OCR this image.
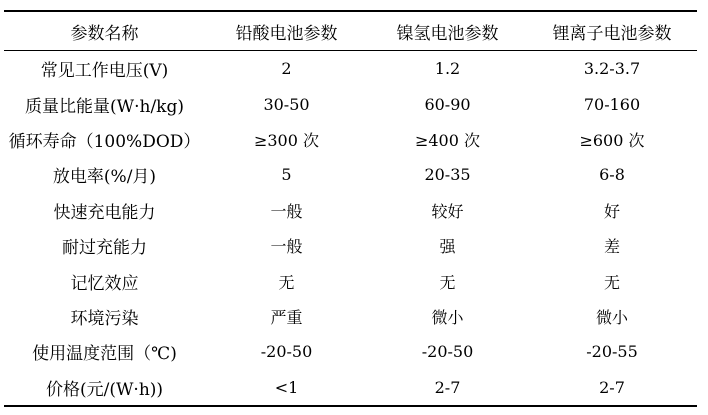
参数名称	铅酸电池参数	镍氢电池参数	锂离子电池参数
常见工作电压(V)	2	1.2	3.2-3.7
质量比能量(W·h/kg)	30-50	60-90	70-160
循环寿命（100%DOD）	≥300 次	≥400 次	≥600 次
放电率(%/月)	5	20-35	6-8
快速充电能力	一般	较好	好
耐过充能力	一般	强	差
记忆效应	无	无	无
环境污染	严重	微小	微小
使用温度范围（℃)	-20-50	-20-50	-20-55
价格(元/(W·h))	<1	2-7	2-7
